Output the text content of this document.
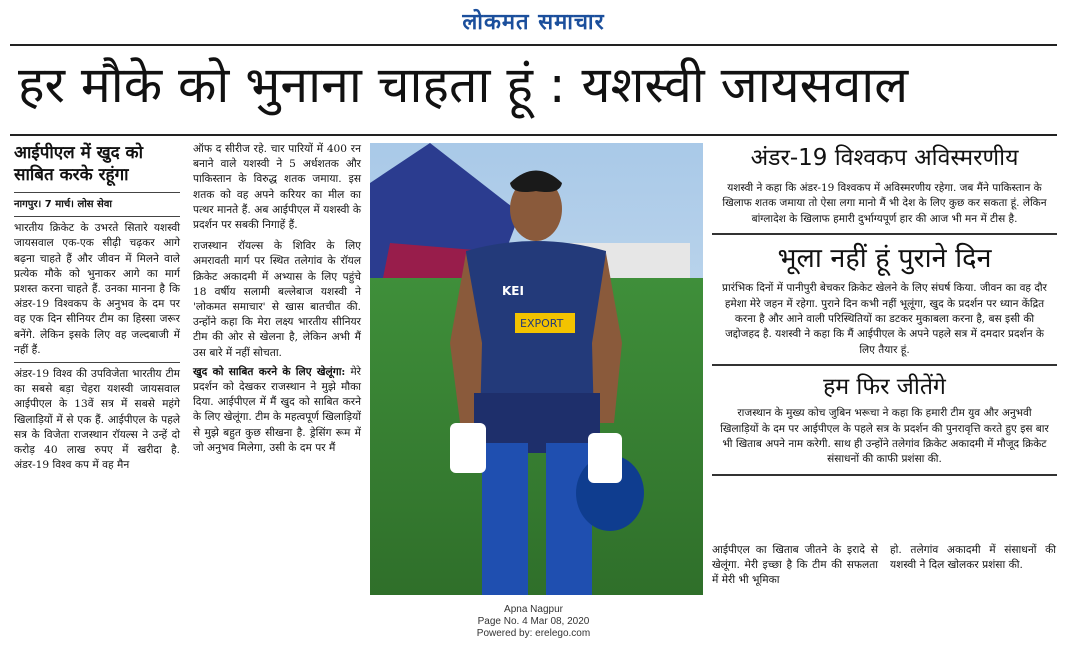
लोकमत समाचार
हर मौके को भुनाना चाहता हूं : यशस्वी जायसवाल
आईपीएल में खुद को साबित करके रहूंगा
नागपुर। 7 मार्च। लोस सेवा

भारतीय क्रिकेट के उभरते सितारे यशस्वी जायसवाल एक-एक सीढ़ी चढ़कर आगे बढ़ना चाहते हैं और जीवन में मिलने वाले प्रत्येक मौके को भुनाकर आगे का मार्ग प्रशस्त करना चाहते हैं. उनका मानना है कि अंडर-19 विश्वकप के अनुभव के दम पर वह एक दिन सीनियर टीम का हिस्सा जरूर बनेंगे. लेकिन इसके लिए वह जल्दबाजी में नहीं हैं.

अंडर-19 विश्व की उपविजेता भारतीय टीम का सबसे बड़ा चेहरा यशस्वी जायसवाल आईपीएल के 13वें सत्र में सबसे महंगे खिलाड़ियों में से एक हैं. आईपीएल के पहले सत्र के विजेता राजस्थान रॉयल्स ने उन्हें दो करोड़ 40 लाख रुपए में खरीदा है. अंडर-19 विश्व कप में वह मैन

ऑफ द सीरीज रहे. चार पारियों में 400 रन बनाने वाले यशस्वी ने 5 अर्धशतक और पाकिस्तान के विरुद्ध शतक जमाया. इस शतक को वह अपने करियर का मील का पत्थर मानते हैं. अब आईपीएल में यशस्वी के प्रदर्शन पर सबकी निगाहें हैं.

राजस्थान रॉयल्स के शिविर के लिए अमरावती मार्ग पर स्थित तलेगांव के रॉयल क्रिकेट अकादमी में अभ्यास के लिए पहुंचे 18 वर्षीय सलामी बल्लेबाज यशस्वी ने 'लोकमत समाचार' से खास बातचीत की. उन्होंने कहा कि मेरा लक्ष्य भारतीय सीनियर टीम की ओर से खेलना है, लेकिन अभी मैं उस बारे में नहीं सोचता.

खुद को साबित करने के लिए खेलूंगा: मेरे प्रदर्शन को देखकर राजस्थान ने मुझे मौका दिया. आईपीएल में मैं खुद को साबित करने के लिए खेलूंगा. टीम के महत्वपूर्ण खिलाड़ियों से मुझे बहुत कुछ सीखना है. ड्रेसिंग रूम में जो अनुभव मिलेगा, उसी के दम पर मैं

EXPORT
KEI
अंडर-19 विश्वकप अविस्मरणीय
यशस्वी ने कहा कि अंडर-19 विश्वकप में अविस्मरणीय रहेगा. जब मैंने पाकिस्तान के खिलाफ शतक जमाया तो ऐसा लगा मानो मैं भी देश के लिए कुछ कर सकता हूं. लेकिन बांग्लादेश के खिलाफ हमारी दुर्भाग्यपूर्ण हार की आज भी मन में टीस है.
भूला नहीं हूं पुराने दिन
प्रारंभिक दिनों में पानीपुरी बेचकर क्रिकेट खेलने के लिए संघर्ष किया. जीवन का वह दौर हमेशा मेरे जहन में रहेगा. पुराने दिन कभी नहीं भूलूंगा, खुद के प्रदर्शन पर ध्यान केंद्रित करना है और आने वाली परिस्थितियों का डटकर मुकाबला करना है, बस इसी की जद्दोजहद है. यशस्वी ने कहा कि मैं आईपीएल के अपने पहले सत्र में दमदार प्रदर्शन के लिए तैयार हूं.
हम फिर जीतेंगे
राजस्थान के मुख्य कोच जुबिन भरूचा ने कहा कि हमारी टीम युव और अनुभवी खिलाड़ियों के दम पर आईपीएल के पहले सत्र के प्रदर्शन की पुनरावृत्ति करते हुए इस बार भी खिताब अपने नाम करेगी. साथ ही उन्होंने तलेगांव क्रिकेट अकादमी में मौजूद क्रिकेट संसाधनों की काफी प्रशंसा की.

आईपीएल का खिताब जीतने के इरादे से खेलूंगा. मेरी इच्छा है कि टीम की सफलता में मेरी भी भूमिका

हो. तलेगांव अकादमी में संसाधनों की यशस्वी ने दिल खोलकर प्रशंसा की.

Apna Nagpur
Page No. 4 Mar 08, 2020
Powered by: erelego.com
